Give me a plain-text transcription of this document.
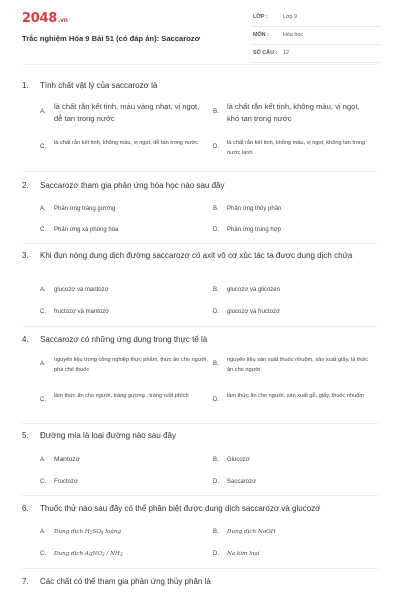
2048.vn
Trắc nghiệm Hóa 9 Bài 51 (có đáp án): Saccarozơ
LỚP :	Lớp 9
MÔN :	Hóa học
SỐ CÂU : 12
1.	Tính chất vật lý của saccarozơ là
A.
là chất rắn kết tinh, màu vàng nhạt, vị ngọt, dễ tan trong nước
B.
là chất rắn kết tinh, không màu, vị ngọt, khó tan trong nước
C.
là chất rắn kết tinh, không màu, vị ngọt, dễ tan trong nước
D.
là chất rắn kết tinh, không màu, vị ngọt, không tan trong nước lạnh
2.	Saccarozơ tham gia phản ứng hóa học nào sau đây
A. Phản ứng tráng gương	B. Phản ứng thủy phân
C. Phản ứng xà phòng hóa	D. Phản ứng trùng hợp
3.	Khi đun nóng dung dịch đường saccarozơ có axit vô cơ xúc tác ta được dung dịch chứa
A. glucozơ và mantozơ	B. glucozơ và glicozen
C. fructozơ và mantozơ	D. glucozơ và fructozơ
4.	Saccarozơ có những ứng dụng trong thực tế là
A.
nguyên liệu trong công nghiệp thực phẩm, thức ăn cho người, pha chế thuốc
B.
nguyên liệu sản xuất thuốc nhuộm, sản xuất giấy, là thức ăn cho người
C.
làm thức ăn cho người, tráng gương , tráng ruột phích
D.
làm thức ăn cho người, sản xuất gỗ, giấy, thuốc nhuộm
5.	Đường mía là loại đường nào sau đây
A. Mantozơ	B. Glucozơ
C. Fructozơ	D. Saccarozơ
6.	Thuốc thử nào sau đây có thể phân biệt được dung dịch saccarozơ và glucozơ
A. Dung dịch $H_2SO_4$ loãng	B. Dung dịch NaOH
C. Dung dịch AgNO$_3$ / $NH_3$	D. Na kim loại
7.	Các chất có thể tham gia phản ứng thủy phân là
